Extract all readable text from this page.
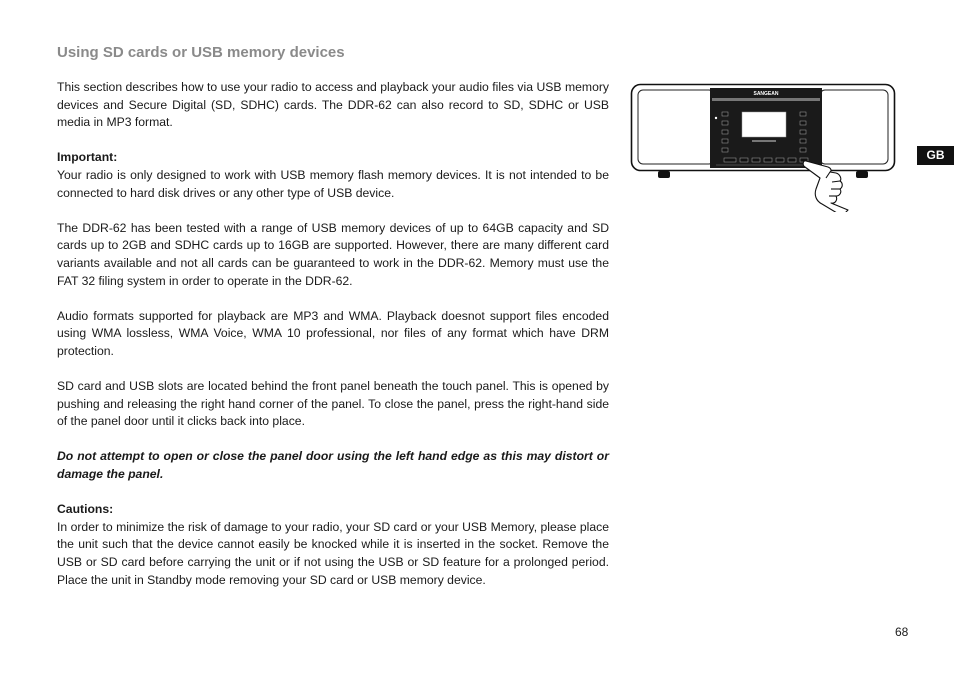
Using SD cards or USB memory devices

This section describes how to use your radio to access and playback your audio files via USB memory devices and Secure Digital (SD, SDHC) cards. The DDR-62 can also record to SD, SDHC or USB media in MP3 format.

Important:
Your radio is only designed to work with USB memory flash memory devices. It is not intended to be connected to hard disk drives or any other type of USB device.

The DDR-62 has been tested with a range of USB memory devices of up to 64GB capacity and SD cards up to 2GB and SDHC cards up to 16GB are supported. However, there are many different card variants available and not all cards can be guaranteed to work in the DDR-62. Memory must use the FAT 32 filing system in order to operate in the DDR-62.

Audio formats supported for playback are MP3 and WMA. Playback doesnot support files encoded using WMA lossless, WMA Voice, WMA 10 professional, nor files of any format which have DRM protection.

SD card and USB slots are located behind the front panel beneath the touch panel. This is opened by pushing and releasing the right hand corner of the panel. To close the panel, press the right-hand side of the panel door until it clicks back into place.

Do not attempt to open or close the panel door using the left hand edge as this may distort or damage the panel.

Cautions:
In order to minimize the risk of damage to your radio, your SD card or your USB Memory, please place the unit such that the device cannot easily be knocked while it is inserted in the socket. Remove the USB or SD card before carrying the unit or if not using the USB or SD feature for a prolonged period. Place the unit in Standby mode removing your SD card or USB memory device.

SANGEAN
GB
68
